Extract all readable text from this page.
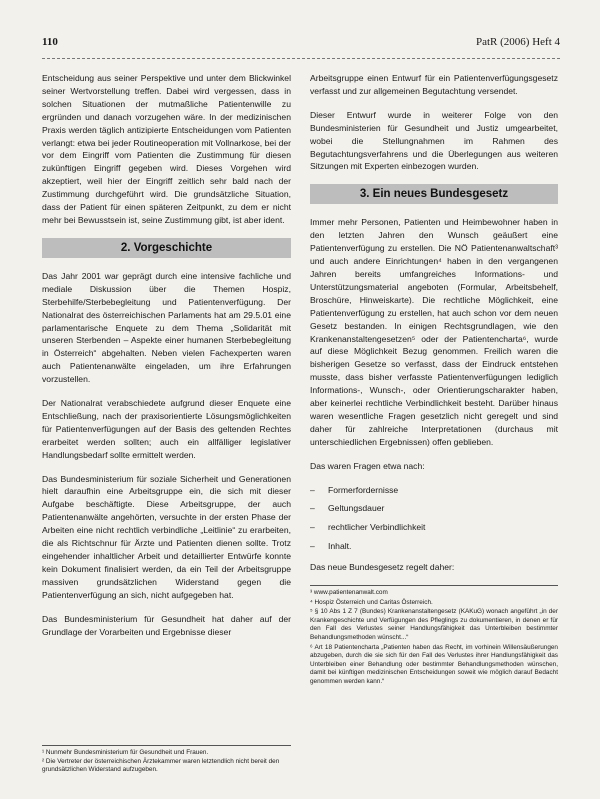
110	PatR (2006) Heft 4

Entscheidung aus seiner Perspektive und unter dem Blickwinkel seiner Wertvorstellung treffen. Dabei wird vergessen, dass in solchen Situationen der mutmaßliche Patientenwille zu ergründen und danach vorzugehen wäre. In der medizinischen Praxis werden täglich antizipierte Entscheidungen vom Patienten verlangt: etwa bei jeder Routineoperation mit Vollnarkose, bei der vor dem Eingriff vom Patienten die Zustimmung für diesen zukünftigen Eingriff gegeben wird. Dieses Vorgehen wird akzeptiert, weil hier der Eingriff zeitlich sehr bald nach der Zustimmung durchgeführt wird. Die grundsätzliche Situation, dass der Patient für einen späteren Zeitpunkt, zu dem er nicht mehr bei Bewusstsein ist, seine Zustimmung gibt, ist aber ident.

2. Vorgeschichte

Das Jahr 2001 war geprägt durch eine intensive fachliche und mediale Diskussion über die Themen Hospiz, Sterbehilfe/Sterbebegleitung und Patientenverfügung. Der Nationalrat des österreichischen Parlaments hat am 29.5.01 eine parlamentarische Enquete zu dem Thema „Solidarität mit unseren Sterbenden – Aspekte einer humanen Sterbebegleitung in Österreich“ abgehalten. Neben vielen Fachexperten waren auch Patientenanwälte eingeladen, um ihre Erfahrungen vorzustellen.

Der Nationalrat verabschiedete aufgrund dieser Enquete eine Entschließung, nach der praxisorientierte Lösungsmöglichkeiten für Patientenverfügungen auf der Basis des geltenden Rechtes erarbeitet werden sollten; auch ein allfälliger legislativer Handlungsbedarf sollte ermittelt werden.

Das Bundesministerium für soziale Sicherheit und Generationen hielt daraufhin eine Arbeitsgruppe ein, die sich mit dieser Aufgabe beschäftigte. Diese Arbeitsgruppe, der auch Patientenanwälte angehörten, versuchte in der ersten Phase der Arbeiten eine nicht rechtlich verbindliche „Leitlinie“ zu erarbeiten, die als Richtschnur für Ärzte und Patienten dienen sollte. Trotz eingehender inhaltlicher Arbeit und detaillierter Entwürfe konnte kein Dokument finalisiert werden, da ein Teil der Arbeitsgruppe massiven grundsätzlichen Widerstand gegen die Patientenverfügung an sich, nicht aufgegeben hat.

Das Bundesministerium für Gesundheit hat daher auf der Grundlage der Vorarbeiten und Ergebnisse dieser

¹ Nunmehr Bundesministerium für Gesundheit und Frauen.
² Die Vertreter der österreichischen Ärztekammer waren letztendlich nicht bereit den grundsätzlichen Widerstand aufzugeben.

Arbeitsgruppe einen Entwurf für ein Patientenverfügungsgesetz verfasst und zur allgemeinen Begutachtung versendet.

Dieser Entwurf wurde in weiterer Folge von den Bundesministerien für Gesundheit und Justiz umgearbeitet, wobei die Stellungnahmen im Rahmen des Begutachtungsverfahrens und die Überlegungen aus weiteren Sitzungen mit Experten einbezogen wurden.

3. Ein neues Bundesgesetz

Immer mehr Personen, Patienten und Heimbewohner haben in den letzten Jahren den Wunsch geäußert eine Patientenverfügung zu erstellen. Die NÖ Patientenanwaltschaft³ und auch andere Einrichtungen⁴ haben in den vergangenen Jahren bereits umfangreiches Informations- und Unterstützungsmaterial angeboten (Formular, Arbeitsbehelf, Broschüre, Hinweiskarte). Die rechtliche Möglichkeit, eine Patientenverfügung zu erstellen, hat auch schon vor dem neuen Gesetz bestanden. In einigen Rechtsgrundlagen, wie den Krankenanstaltengesetzen⁵ oder der Patientencharta⁶, wurde auf diese Möglichkeit Bezug genommen. Freilich waren die bisherigen Gesetze so verfasst, dass der Eindruck entstehen musste, dass bisher verfasste Patientenverfügungen lediglich Informations-, Wunsch-, oder Orientierungscharakter haben, aber keinerlei rechtliche Verbindlichkeit besteht. Darüber hinaus waren wesentliche Fragen gesetzlich nicht geregelt und sind daher für zahlreiche Interpretationen (durchaus mit unterschiedlichen Ergebnissen) offen geblieben.

Das waren Fragen etwa nach:

– Formerfordernisse
– Geltungsdauer
– rechtlicher Verbindlichkeit
– Inhalt.

Das neue Bundesgesetz regelt daher:

³ www.patientenanwalt.com
⁴ Hospiz Österreich und Caritas Österreich.
⁵ § 10 Abs 1 Z 7 (Bundes) Krankenanstaltengesetz (KAKuG) wonach angeführt „in der Krankengeschichte und Verfügungen des Pfleglings zu dokumentieren, in denen er für den Fall des Verlustes seiner Handlungsfähigkeit das Unterbleiben bestimmter Behandlungsmethoden wünscht...“
⁶ Art 18 Patientencharta „Patienten haben das Recht, im vorhinein Willensäußerungen abzugeben, durch die sie sich für den Fall des Verlustes ihrer Handlungsfähigkeit das Unterbleiben einer Behandlung oder bestimmter Behandlungsmethoden wünschen, damit bei künftigen medizinischen Entscheidungen soweit wie möglich darauf Bedacht genommen werden kann.“
